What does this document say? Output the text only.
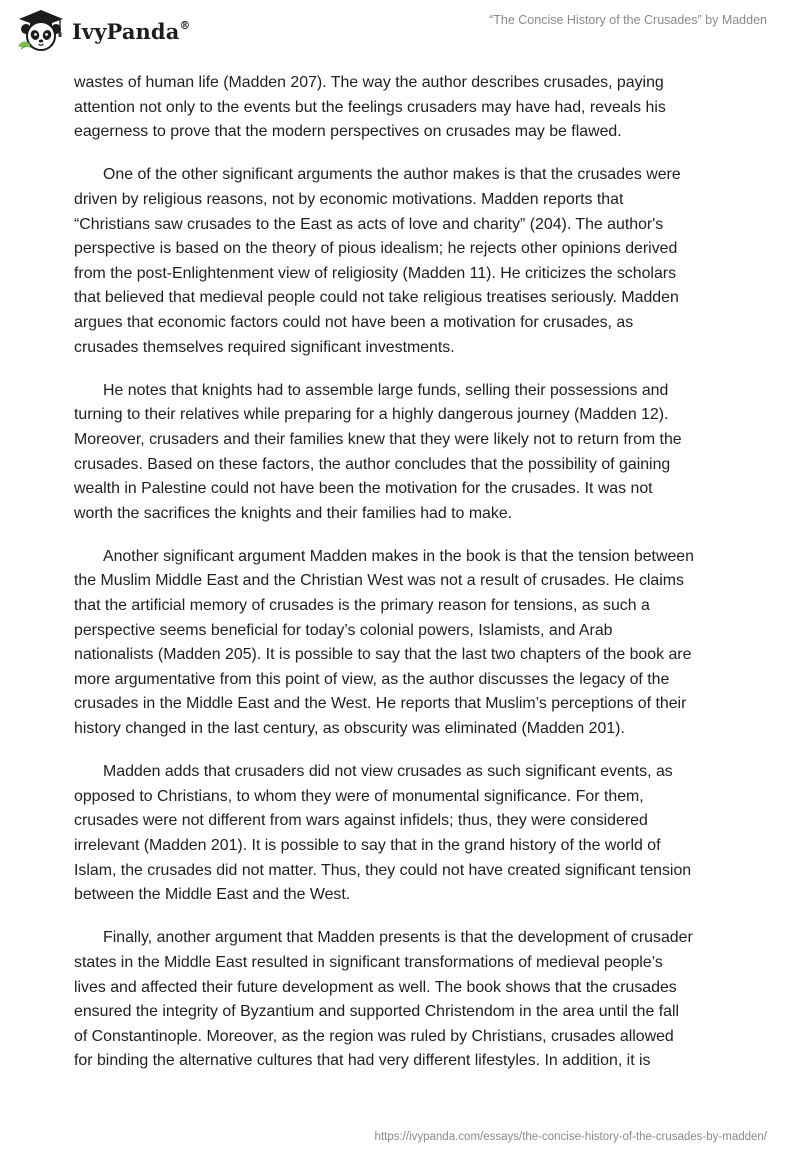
IvyPanda®	“The Concise History of the Crusades” by Madden

wastes of human life (Madden 207). The way the author describes crusades, paying
attention not only to the events but the feelings crusaders may have had, reveals his
eagerness to prove that the modern perspectives on crusades may be flawed.

One of the other significant arguments the author makes is that the crusades were
driven by religious reasons, not by economic motivations. Madden reports that
“Christians saw crusades to the East as acts of love and charity” (204). The author's
perspective is based on the theory of pious idealism; he rejects other opinions derived
from the post-Enlightenment view of religiosity (Madden 11). He criticizes the scholars
that believed that medieval people could not take religious treatises seriously. Madden
argues that economic factors could not have been a motivation for crusades, as
crusades themselves required significant investments.

He notes that knights had to assemble large funds, selling their possessions and
turning to their relatives while preparing for a highly dangerous journey (Madden 12).
Moreover, crusaders and their families knew that they were likely not to return from the
crusades. Based on these factors, the author concludes that the possibility of gaining
wealth in Palestine could not have been the motivation for the crusades. It was not
worth the sacrifices the knights and their families had to make.

Another significant argument Madden makes in the book is that the tension between
the Muslim Middle East and the Christian West was not a result of crusades. He claims
that the artificial memory of crusades is the primary reason for tensions, as such a
perspective seems beneficial for today’s colonial powers, Islamists, and Arab
nationalists (Madden 205). It is possible to say that the last two chapters of the book are
more argumentative from this point of view, as the author discusses the legacy of the
crusades in the Middle East and the West. He reports that Muslim’s perceptions of their
history changed in the last century, as obscurity was eliminated (Madden 201).

Madden adds that crusaders did not view crusades as such significant events, as
opposed to Christians, to whom they were of monumental significance. For them,
crusades were not different from wars against infidels; thus, they were considered
irrelevant (Madden 201). It is possible to say that in the grand history of the world of
Islam, the crusades did not matter. Thus, they could not have created significant tension
between the Middle East and the West.

Finally, another argument that Madden presents is that the development of crusader
states in the Middle East resulted in significant transformations of medieval people’s
lives and affected their future development as well. The book shows that the crusades
ensured the integrity of Byzantium and supported Christendom in the area until the fall
of Constantinople. Moreover, as the region was ruled by Christians, crusades allowed
for binding the alternative cultures that had very different lifestyles. In addition, it is

https://ivypanda.com/essays/the-concise-history-of-the-crusades-by-madden/
